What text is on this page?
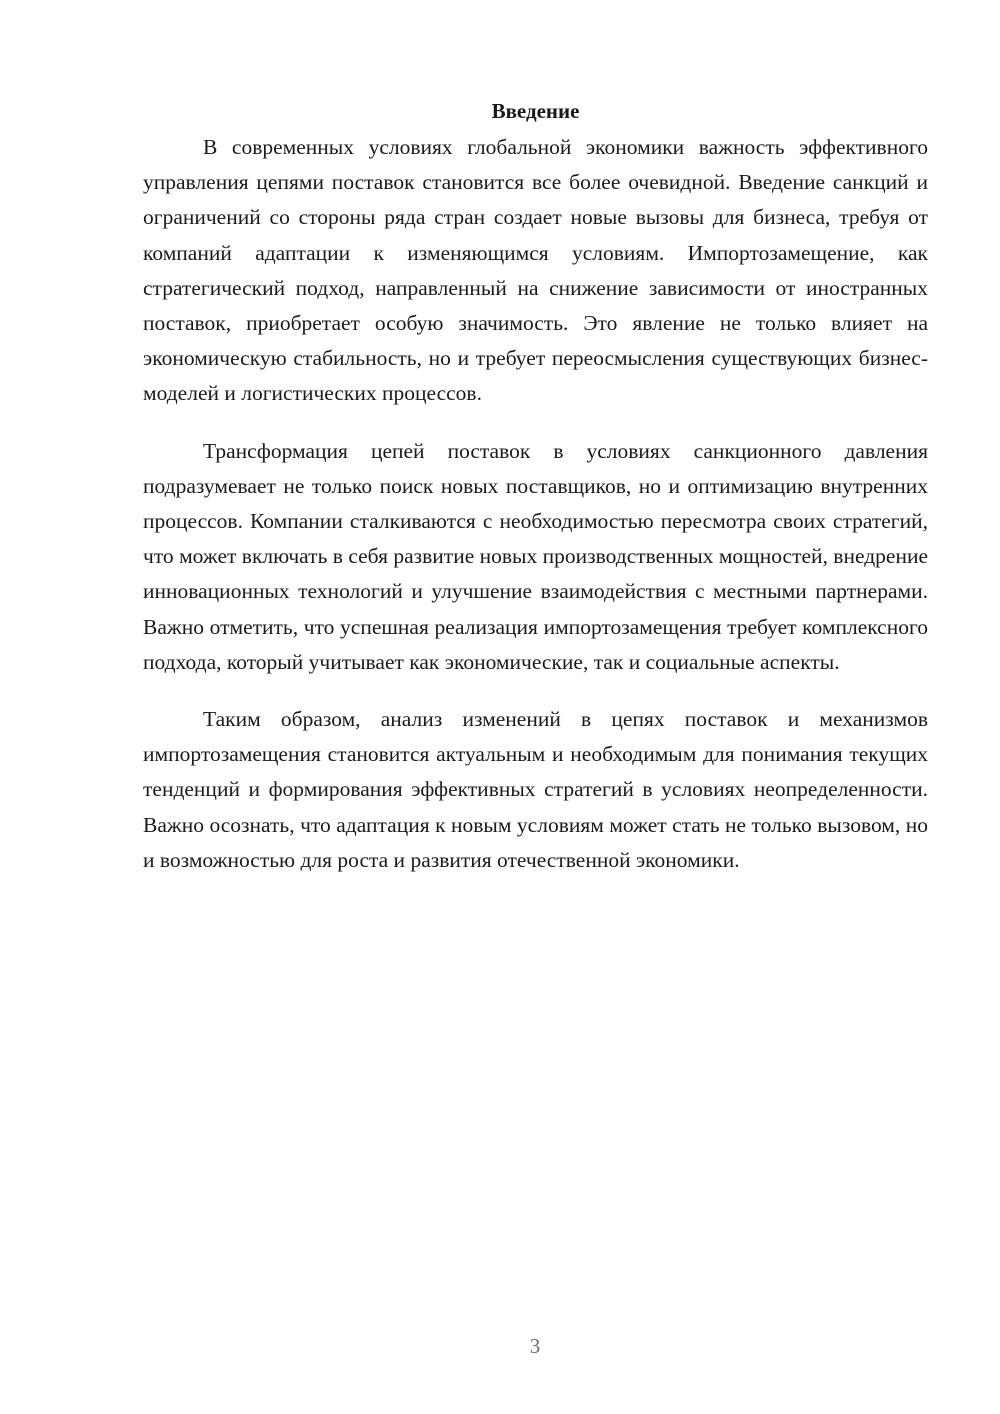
Введение

В современных условиях глобальной экономики важность эффективного управления цепями поставок становится все более очевидной. Введение санкций и ограничений со стороны ряда стран создает новые вызовы для бизнеса, требуя от компаний адаптации к изменяющимся условиям. Импортозамещение, как стратегический подход, направленный на снижение зависимости от иностранных поставок, приобретает особую значимость. Это явление не только влияет на экономическую стабильность, но и требует переосмысления существующих бизнес-моделей и логистических процессов.

Трансформация цепей поставок в условиях санкционного давления подразумевает не только поиск новых поставщиков, но и оптимизацию внутренних процессов. Компании сталкиваются с необходимостью пересмотра своих стратегий, что может включать в себя развитие новых производственных мощностей, внедрение инновационных технологий и улучшение взаимодействия с местными партнерами. Важно отметить, что успешная реализация импортозамещения требует комплексного подхода, который учитывает как экономические, так и социальные аспекты.

Таким образом, анализ изменений в цепях поставок и механизмов импортозамещения становится актуальным и необходимым для понимания текущих тенденций и формирования эффективных стратегий в условиях неопределенности. Важно осознать, что адаптация к новым условиям может стать не только вызовом, но и возможностью для роста и развития отечественной экономики.

3
